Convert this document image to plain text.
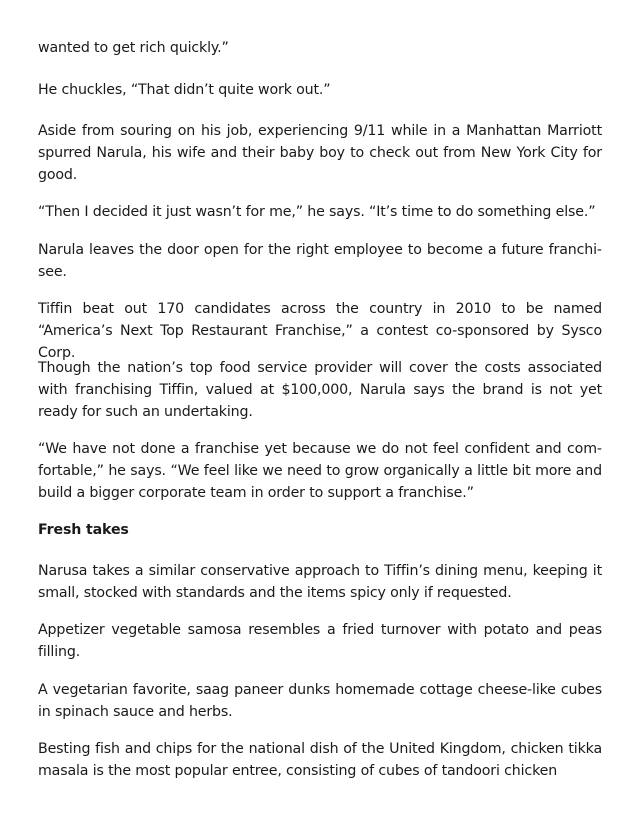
wanted to get rich quickly.”

He chuckles, “That didn’t quite work out.”

Aside from souring on his job, experiencing 9/11 while in a Manhattan Marriott spurred Narula, his wife and their baby boy to check out from New York City for good.

“Then I decided it just wasn’t for me,” he says. “It’s time to do something else.”

Narula leaves the door open for the right employee to become a future franchisee.

Tiffin beat out 170 candidates across the country in 2010 to be named “America’s Next Top Restaurant Franchise,” a contest co-sponsored by Sysco Corp.

Though the nation’s top food service provider will cover the costs associated with franchising Tiffin, valued at $100,000, Narula says the brand is not yet ready for such an undertaking.

“We have not done a franchise yet because we do not feel confident and comfortable,” he says. “We feel like we need to grow organically a little bit more and build a bigger corporate team in order to support a franchise.”

Fresh takes

Narusa takes a similar conservative approach to Tiffin’s dining menu, keeping it small, stocked with standards and the items spicy only if requested.

Appetizer vegetable samosa resembles a fried turnover with potato and peas filling.

A vegetarian favorite, saag paneer dunks homemade cottage cheese-like cubes in spinach sauce and herbs.

Besting fish and chips for the national dish of the United Kingdom, chicken tikka masala is the most popular entree, consisting of cubes of tandoori chicken
